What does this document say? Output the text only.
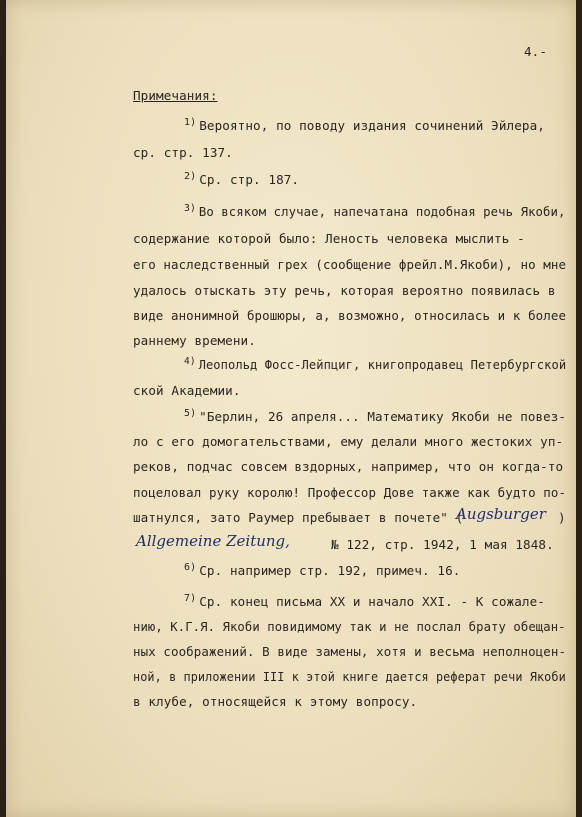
4.-
Примечания:
$^{1)}$ Вероятно, по поводу издания сочинений Эйлера,
ср. стр. 137.
$^{2)}$ Ср. стр. 187.
$^{3)}$ Во всяком случае, напечатана подобная речь Якоби,
содержание которой было: Леность человека мыслить -
его наследственный грех (сообщение фрейл.М.Якоби), но мне
удалось отыскать эту речь, которая вероятно появилась в
виде анонимной брошюры, а, возможно, относилась и к более
раннему времени.
$^{4)}$ Леопольд Фосс-Лейпциг, книгопродавец Петербургской
ской Академии.
$^{5)}$ "Берлин, 26 апреля... Математику Якоби не повез-
ло с его домогательствами, ему делали много жестоких уп-
реков, подчас совсем вздорных, например, что он когда-то
поцеловал руку королю! Профессор Дове также как будто по-
шатнулся, зато Раумер пребывает в почете" (
Augsburger )
Allgemeine Zeitung,	№ 122, стр. 1942, 1 мая 1848.
$^{6)}$ Ср. например стр. 192, примеч. 16.
$^{7)}$ Ср. конец письма XX и начало XXI. - К сожале-
нию, К.Г.Я. Якоби повидимому так и не послал брату обещан-
ных соображений. В виде замены, хотя и весьма неполноцен-
ной, в приложении III к этой книге дается реферат речи Якоби
в клубе, относящейся к этому вопросу.
